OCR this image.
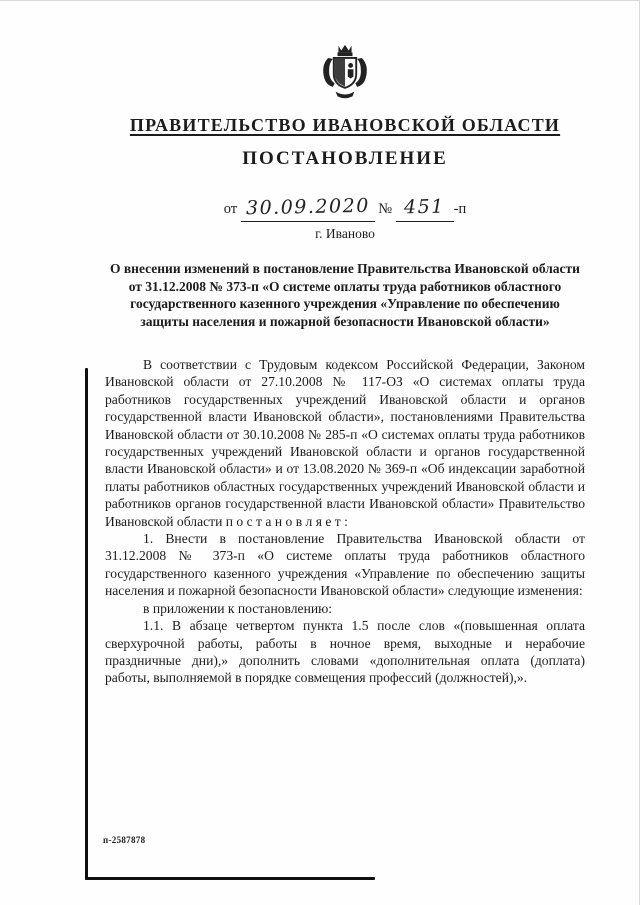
ПРАВИТЕЛЬСТВО ИВАНОВСКОЙ ОБЛАСТИ
ПОСТАНОВЛЕНИЕ
от 30.09.2020 № 451 -п
г. Иваново
О внесении изменений в постановление Правительства Ивановской области от 31.12.2008 № 373-п «О системе оплаты труда работников областного государственного казенного учреждения «Управление по обеспечению защиты населения и пожарной безопасности Ивановской области»

В соответствии с Трудовым кодексом Российской Федерации, Законом Ивановской области от 27.10.2008 № 117-ОЗ «О системах оплаты труда работников государственных учреждений Ивановской области и органов государственной власти Ивановской области», постановлениями Правительства Ивановской области от 30.10.2008 № 285-п «О системах оплаты труда работников государственных учреждений Ивановской области и органов государственной власти Ивановской области» и от 13.08.2020 № 369-п «Об индексации заработной платы работников областных государственных учреждений Ивановской области и работников органов государственной власти Ивановской области» Правительство Ивановской области п о с т а н о в л я е т :

1. Внести в постановление Правительства Ивановской области от 31.12.2008 № 373-п «О системе оплаты труда работников областного государственного казенного учреждения «Управление по обеспечению защиты населения и пожарной безопасности Ивановской области» следующие изменения:

в приложении к постановлению:

1.1. В абзаце четвертом пункта 1.5 после слов «(повышенная оплата сверхурочной работы, работы в ночное время, выходные и нерабочие праздничные дни),» дополнить словами «дополнительная оплата (доплата) работы, выполняемой в порядке совмещения профессий (должностей),».

п-2587878
